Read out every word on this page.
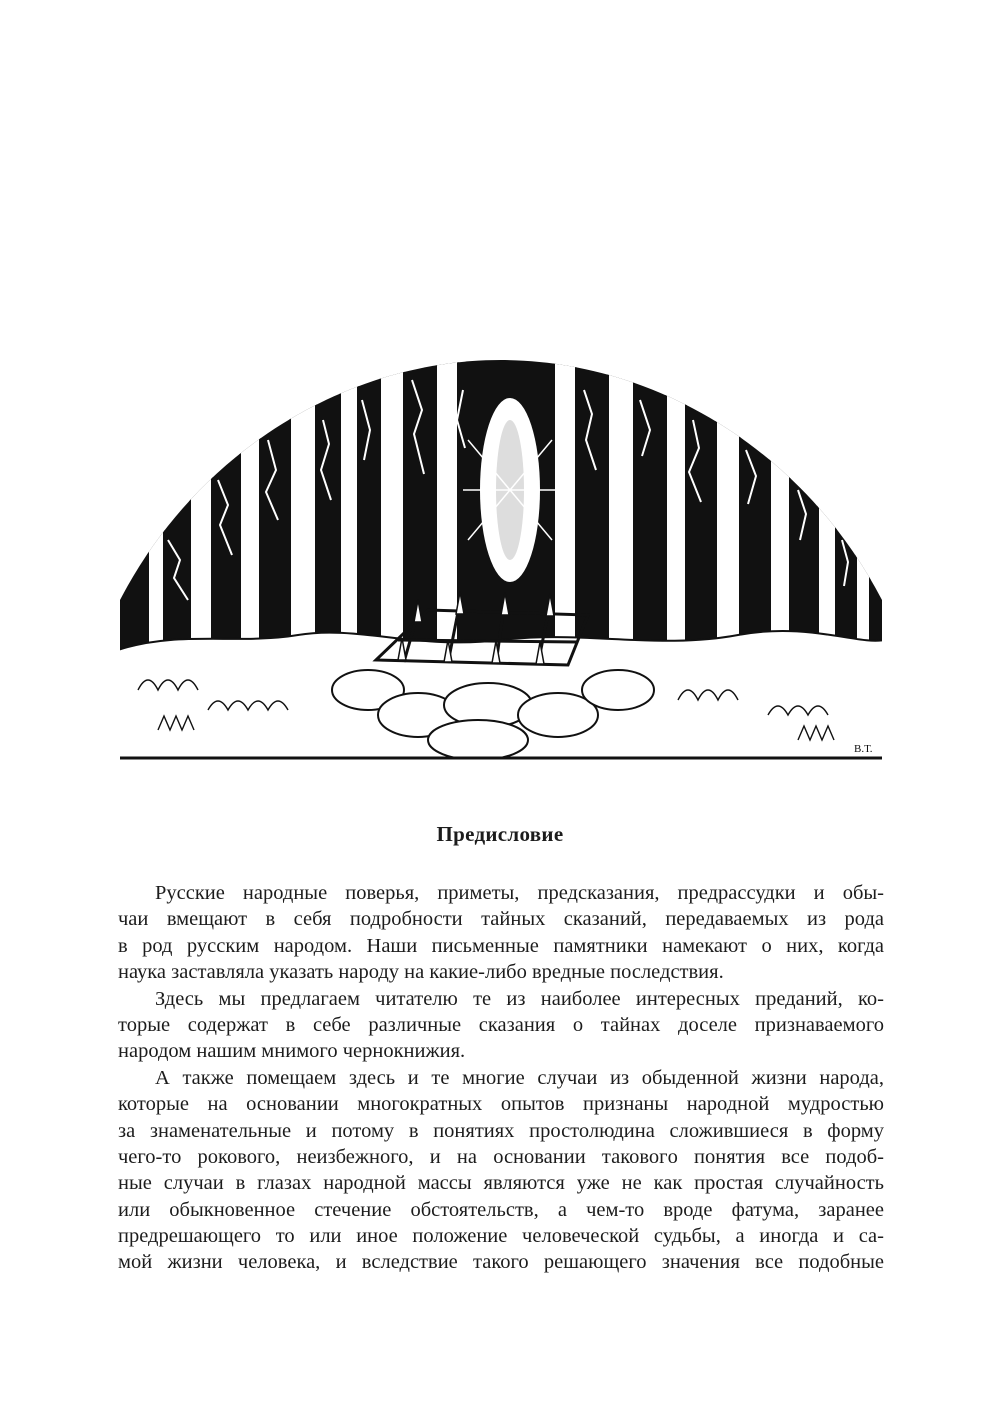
В.Т.
Предисловие

Русские народные поверья, приметы, предсказания, предрассудки и обы-
чаи вмещают в себя подробности тайных сказаний, передаваемых из рода
в род русским народом. Наши письменные памятники намекают о них, когда
наука заставляла указать народу на какие-либо вредные последствия.

Здесь мы предлагаем читателю те из наиболее интересных преданий, ко-
торые содержат в себе различные сказания о тайнах доселе признаваемого
народом нашим мнимого чернокнижия.

А также помещаем здесь и те многие случаи из обыденной жизни народа,
которые на основании многократных опытов признаны народной мудростью
за знаменательные и потому в понятиях простолюдина сложившиеся в форму
чего-то рокового, неизбежного, и на основании таковогo понятия все подоб-
ные случаи в глазах народной массы являются уже не как простая случайность
или обыкновенное стечение обстоятельств, а чем-то вроде фатума, заранее
предрешающего то или иное положение человеческой судьбы, а иногда и са-
мой жизни человека, и вследствие такого решающего значения все подобные
